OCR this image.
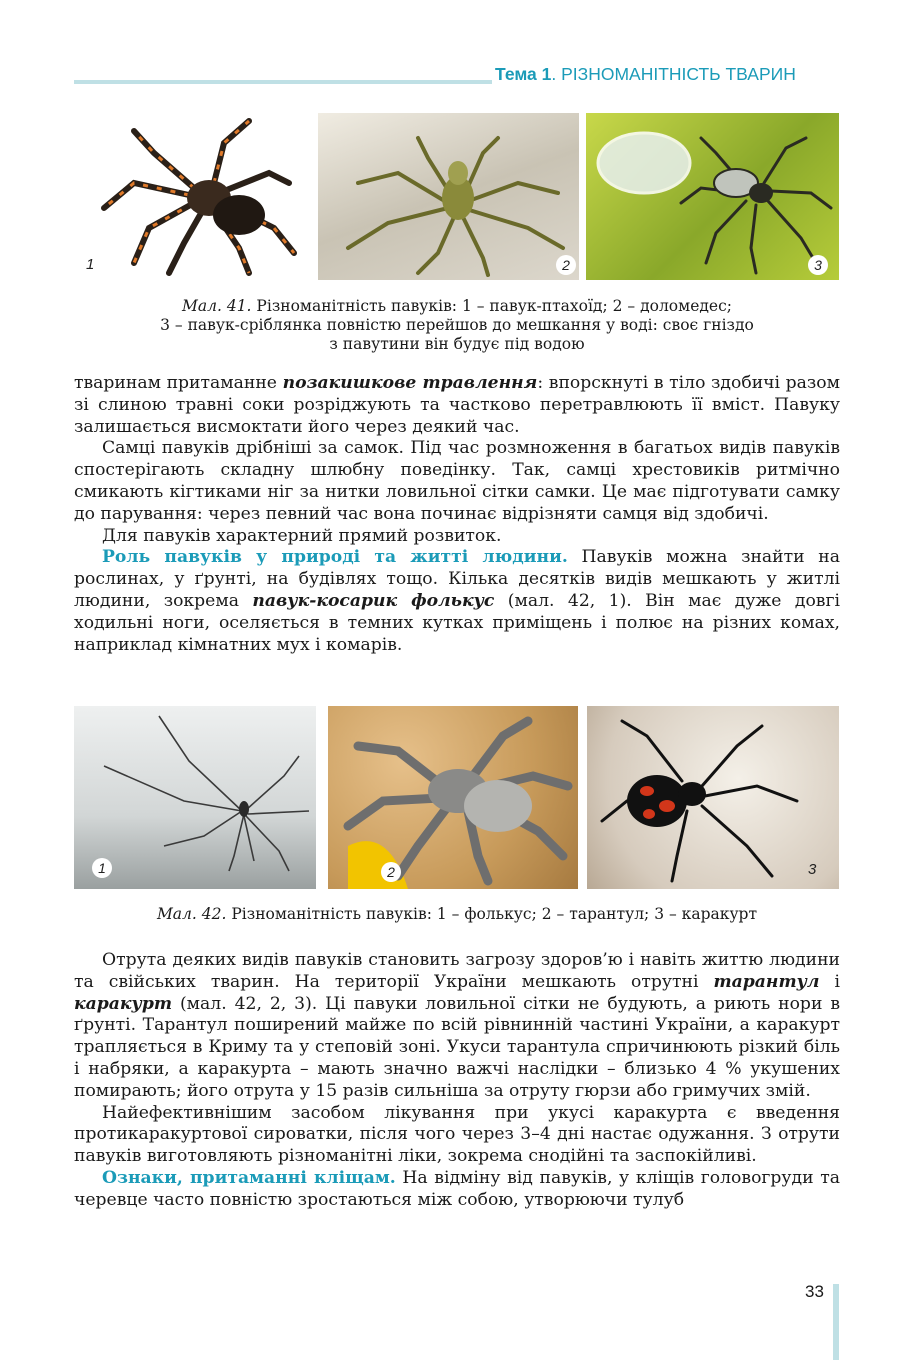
Тема 1. РІЗНОМАНІТНІСТЬ ТВАРИН
1	2	3
Мал. 41. Різноманітність павуків: 1 – павук-птахоїд; 2 – доломедес;
3 – павук-сріблянка повністю перейшов до мешкання у воді: своє гніздо
з павутини він будує під водою

тваринам притаманне позакишкове травлення: впорскнуті в тіло здобичі разом зі слиною травні соки розріджують та частково перетравлюють її вміст. Павуку залишається висмоктати його через деякий час.

Самці павуків дрібніші за самок. Під час розмноження в багатьох видів павуків спостерігають складну шлюбну поведінку. Так, самці хрестовиків ритмічно смикають кігтиками ніг за нитки ловильної сітки самки. Це має підготувати самку до парування: через певний час вона починає відрізняти самця від здобичі.

Для павуків характерний прямий розвиток.

Роль павуків у природі та житті людини. Павуків можна знайти на рослинах, у ґрунті, на будівлях тощо. Кілька десятків видів мешкають у житлі людини, зокрема павук-косарик фолькус (мал. 42, 1). Він має дуже довгі ходильні ноги, оселяється в темних кутках приміщень і полює на різних комах, наприклад кімнатних мух і комарів.

1	2	3
Мал. 42. Різноманітність павуків: 1 – фолькус; 2 – тарантул; 3 – каракурт

Отрута деяких видів павуків становить загрозу здоров’ю і навіть життю людини та свійських тварин. На території України мешкають отрутні тарантул і каракурт (мал. 42, 2, 3). Ці павуки ловильної сітки не будують, а риють нори в ґрунті. Тарантул поширений майже по всій рівнинній частині України, а каракурт трапляється в Криму та у степовій зоні. Укуси тарантула спричинюють різкий біль і набряки, а каракурта – мають значно важчі наслідки – близько 4 % укушених помирають; його отрута у 15 разів сильніша за отруту гюрзи або гримучих змій.

Найефективнішим засобом лікування при укусі каракурта є введення протикаракуртової сироватки, після чого через 3–4 дні настає одужання. З отрути павуків виготовляють різноманітні ліки, зокрема снодійні та заспокійливі.

Ознаки, притаманні кліщам. На відміну від павуків, у кліщів головогруди та черевце часто повністю зростаються між собою, утворюючи тулуб

33
